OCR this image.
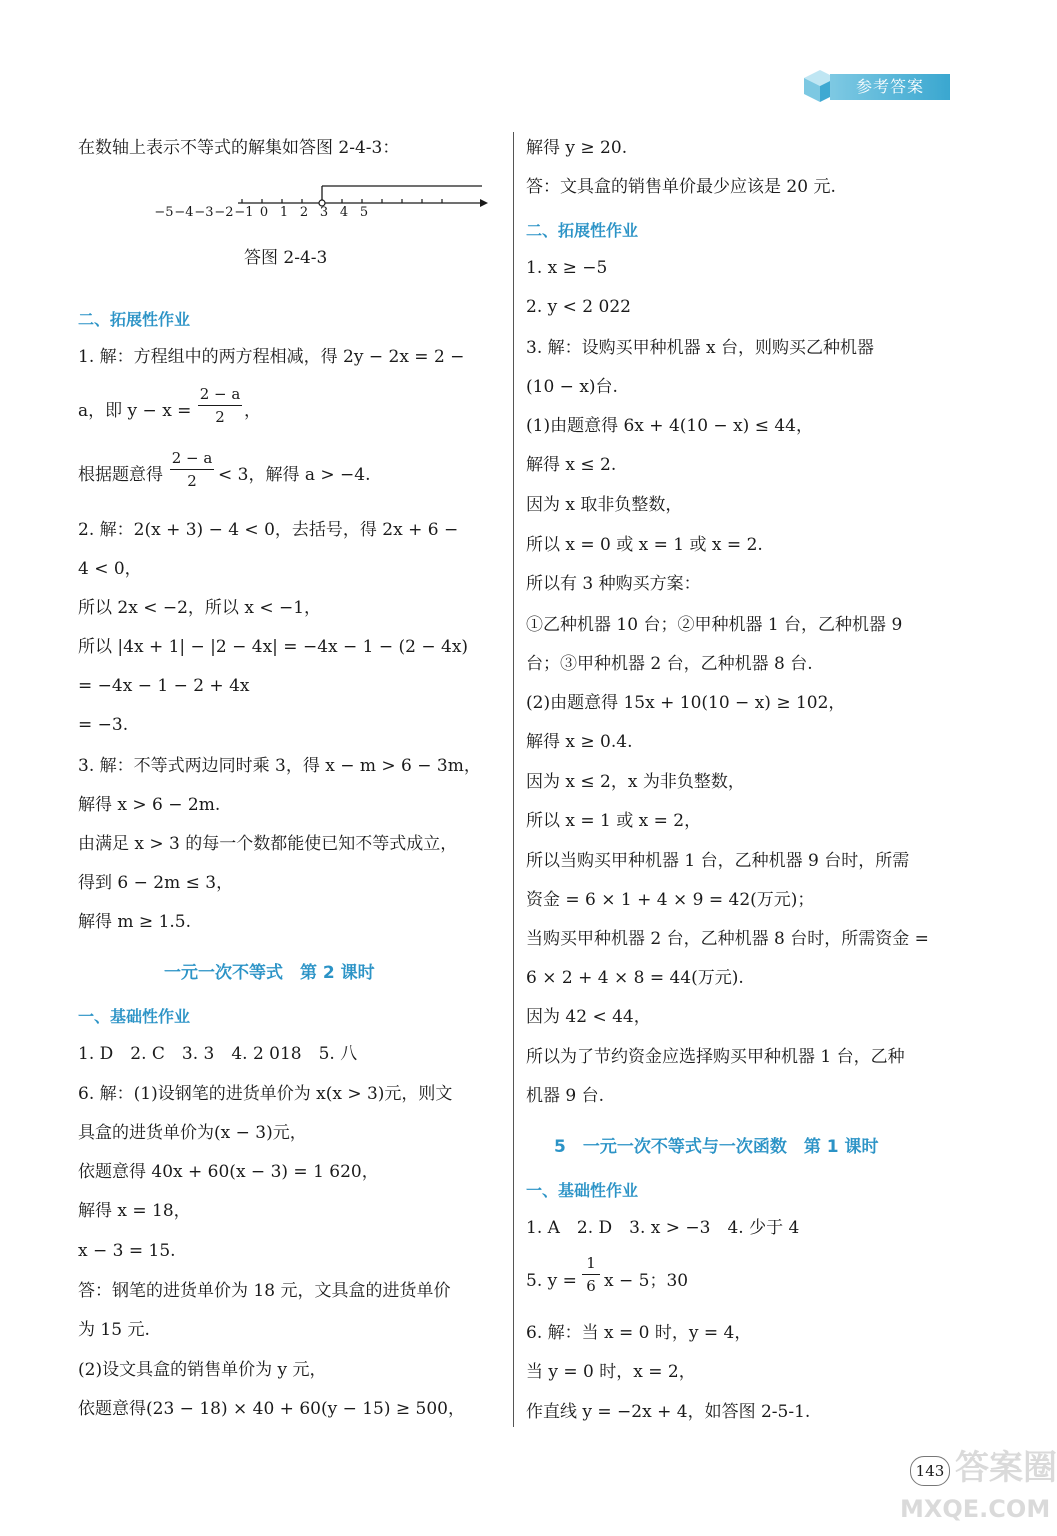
参考答案
在数轴上表示不等式的解集如答图 2-4-3：
−5 −4 −3 −2 −1 0 1 2 3 4 5
答图 2-4-3
二、拓展性作业
1. 解：方程组中的两方程相减，得 2y − 2x = 2 −
a，即 y − x =
2 − a
2	，
根据题意得
2 − a
2	< 3，解得 a > −4.
2. 解：2(x + 3) − 4 < 0，去括号，得 2x + 6 −
4 < 0，
所以 2x < −2，所以 x < −1，
所以 |4x + 1| − |2 − 4x| = −4x − 1 − (2 − 4x)
= −4x − 1 − 2 + 4x
= −3.
3. 解：不等式两边同时乘 3，得 x − m > 6 − 3m，
解得 x > 6 − 2m.
由满足 x > 3 的每一个数都能使已知不等式成立，
得到 6 − 2m ≤ 3，
解得 m ≥ 1.5.
一元一次不等式　第 2 课时
一、基础性作业
1. D　2. C　3. 3　4. 2 018　5. 八
6. 解：(1)设钢笔的进货单价为 x(x > 3)元，则文
具盒的进货单价为(x − 3)元，
依题意得 40x + 60(x − 3) = 1 620，
解得 x = 18，
x − 3 = 15.
答：钢笔的进货单价为 18 元，文具盒的进货单价
为 15 元.
(2)设文具盒的销售单价为 y 元，
依题意得(23 − 18) × 40 + 60(y − 15) ≥ 500，
解得 y ≥ 20.
答：文具盒的销售单价最少应该是 20 元.
二、拓展性作业
1. x ≥ −5
2. y < 2 022
3. 解：设购买甲种机器 x 台，则购买乙种机器
(10 − x)台.
(1)由题意得 6x + 4(10 − x) ≤ 44，
解得 x ≤ 2.
因为 x 取非负整数，
所以 x = 0 或 x = 1 或 x = 2.
所以有 3 种购买方案：
①乙种机器 10 台；②甲种机器 1 台，乙种机器 9
台；③甲种机器 2 台，乙种机器 8 台.
(2)由题意得 15x + 10(10 − x) ≥ 102，
解得 x ≥ 0.4.
因为 x ≤ 2，x 为非负整数，
所以 x = 1 或 x = 2，
所以当购买甲种机器 1 台，乙种机器 9 台时，所需
资金 = 6 × 1 + 4 × 9 = 42(万元)；
当购买甲种机器 2 台，乙种机器 8 台时，所需资金 =
6 × 2 + 4 × 8 = 44(万元).
因为 42 < 44，
所以为了节约资金应选择购买甲种机器 1 台，乙种
机器 9 台.
5　一元一次不等式与一次函数　第 1 课时
一、基础性作业
1. A　2. D　3. x > −3　4. 少于 4
5. y =
1
6 x − 5；30
6. 解：当 x = 0 时，y = 4，
当 y = 0 时，x = 2，
作直线 y = −2x + 4，如答图 2-5-1.
143 答案圈
MXQE.COM
